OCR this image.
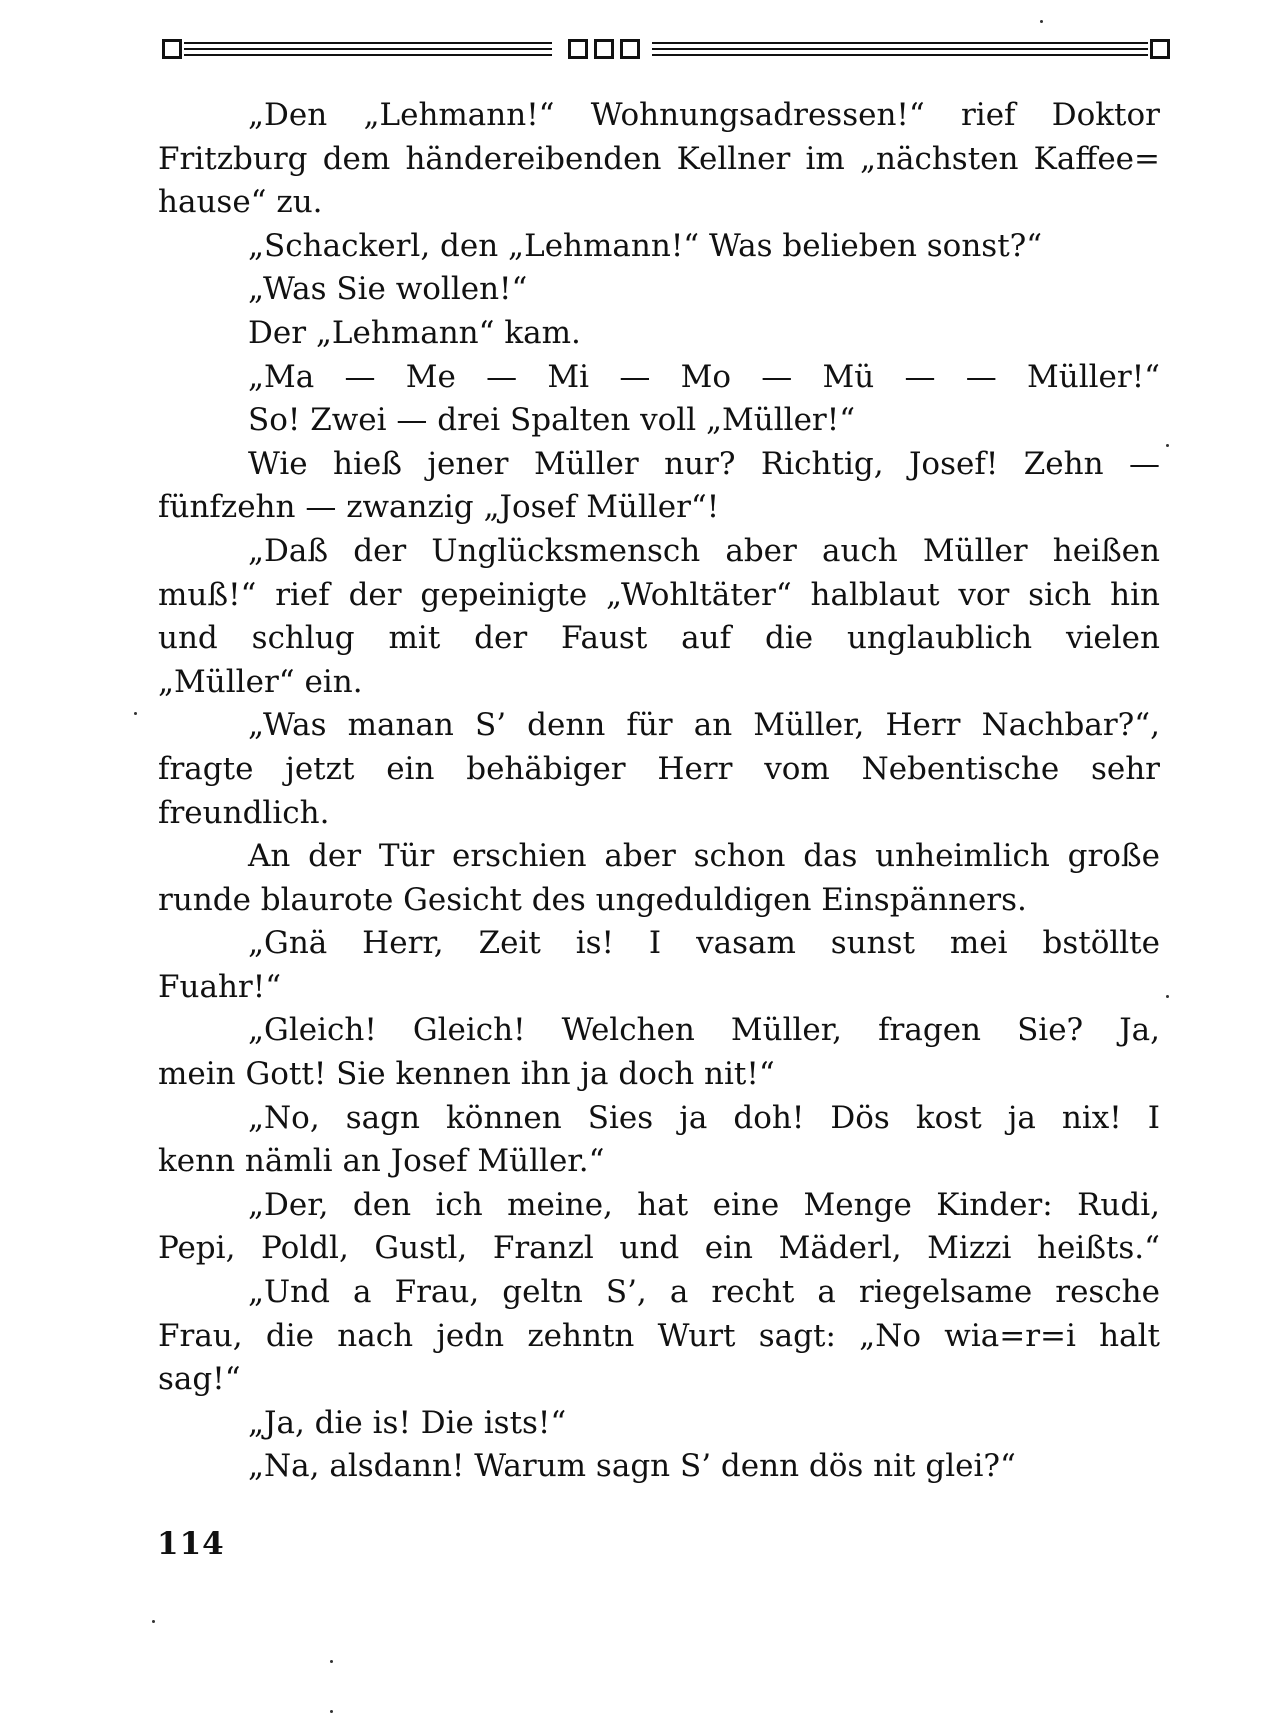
„Den „Lehmann!“ Wohnungsadressen!“ rief Doktor
Fritzburg dem händereibenden Kellner im „nächsten Kaffee=
hause“ zu.
„Schackerl, den „Lehmann!“ Was belieben sonst?“
„Was Sie wollen!“
Der „Lehmann“ kam.
„Ma — Me — Mi — Mo — Mü — — Müller!“
So! Zwei — drei Spalten voll „Müller!“
Wie hieß jener Müller nur? Richtig, Josef! Zehn —
fünfzehn — zwanzig „Josef Müller“!
„Daß der Unglücksmensch aber auch Müller heißen
muß!“ rief der gepeinigte „Wohltäter“ halblaut vor sich hin
und schlug mit der Faust auf die unglaublich vielen
„Müller“ ein.
„Was manan S’ denn für an Müller, Herr Nachbar?“,
fragte jetzt ein behäbiger Herr vom Nebentische sehr
freundlich.
An der Tür erschien aber schon das unheimlich große
runde blaurote Gesicht des ungeduldigen Einspänners.
„Gnä Herr, Zeit is! I vasam sunst mei bstöllte
Fuahr!“
„Gleich! Gleich! Welchen Müller, fragen Sie? Ja,
mein Gott! Sie kennen ihn ja doch nit!“
„No, sagn können Sies ja doh! Dös kost ja nix! I
kenn nämli an Josef Müller.“
„Der, den ich meine, hat eine Menge Kinder: Rudi,
Pepi, Poldl, Gustl, Franzl und ein Mäderl, Mizzi heißts.“
„Und a Frau, geltn S’, a recht a riegelsame resche
Frau, die nach jedn zehntn Wurt sagt: „No wia=r=i halt
sag!“
„Ja, die is! Die ists!“
„Na, alsdann! Warum sagn S’ denn dös nit glei?“
114
